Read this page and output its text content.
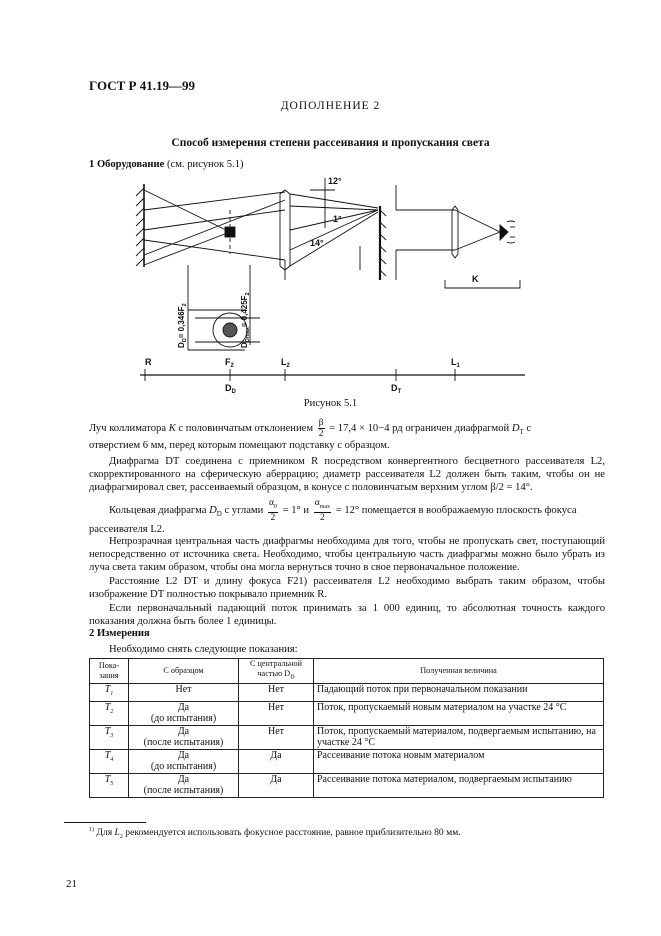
ГОСТ Р 41.19—99
ДОПОЛНЕНИЕ 2
Способ измерения степени рассеивания и пропускания света
1 Оборудование (см. рисунок 5.1)
12°
1°
14°
K
R	$F_2$	$L_2$	$L_1$
$D_D$	$D_T$
$D_D= 0,346F_2$
$D_{Dmax}= 0,425F_2$
Рисунок 5.1
Луч коллиматора K с половинчатым отклонением $\frac{\beta}{2} = 17,4 \times 10-4$ рд ограничен диафрагмой $D_T$ с
отверстием 6 мм, перед которым помещают подставку с образцом.
Диафрагма DT соединена с приемником R посредством конвергентного бесцветного рассеивателя L2, скорректированного на сферическую аберрацию; диаметр рассеивателя L2 должен быть таким, чтобы он не диафрагмировал свет, рассеиваемый образцом, в конусе с половинчатым верхним углом β/2 = 14°.
Кольцевая диафрагма $D_D$ с углами $\frac{\alpha_0}{2} = 1^\circ$ и $\frac{\alpha_{max}}{2} = 12^\circ$ помещается в воображаемую плоскость фокуса
рассеивателя L2.
Непрозрачная центральная часть диафрагмы необходима для того, чтобы не пропускать свет, поступающий непосредственно от источника света. Необходимо, чтобы центральную часть диафрагмы можно было убрать из луча света таким образом, чтобы она могла вернуться точно в свое первоначальное положение.
Расстояние L2 DT и длину фокуса F21) рассеивателя L2 необходимо выбрать таким образом, чтобы изображение DT полностью покрывало приемник R.
Если первоначальный падающий поток принимать за 1 000 единиц, то абсолютная точность каждого показания должна быть более 1 единицы.
2 Измерения
Необходимо снять следующие показания:
Пока-
зания	С образцом	С центральной
частью $D_D$	Полученная величина
$T_1$	Нет	Нет	Падающий поток при первоначальном показании
$T_2$	Да
(до испытания)	Нет	Поток, пропускаемый новым материалом на участке 24 °С
$T_3$	Да
(после испытания)	Нет	Поток, пропускаемый материалом, подвергаемым испытанию, на участке 24 °С
$T_4$	Да
(до испытания)	Да	Рассеивание потока новым материалом
$T_5$	Да
(после испытания)	Да	Рассеивание потока материалом, подвергаемым испытанию
$^{1)}$ Для $L_2$ рекомендуется использовать фокусное расстояние, равное приблизительно 80 мм.
21
